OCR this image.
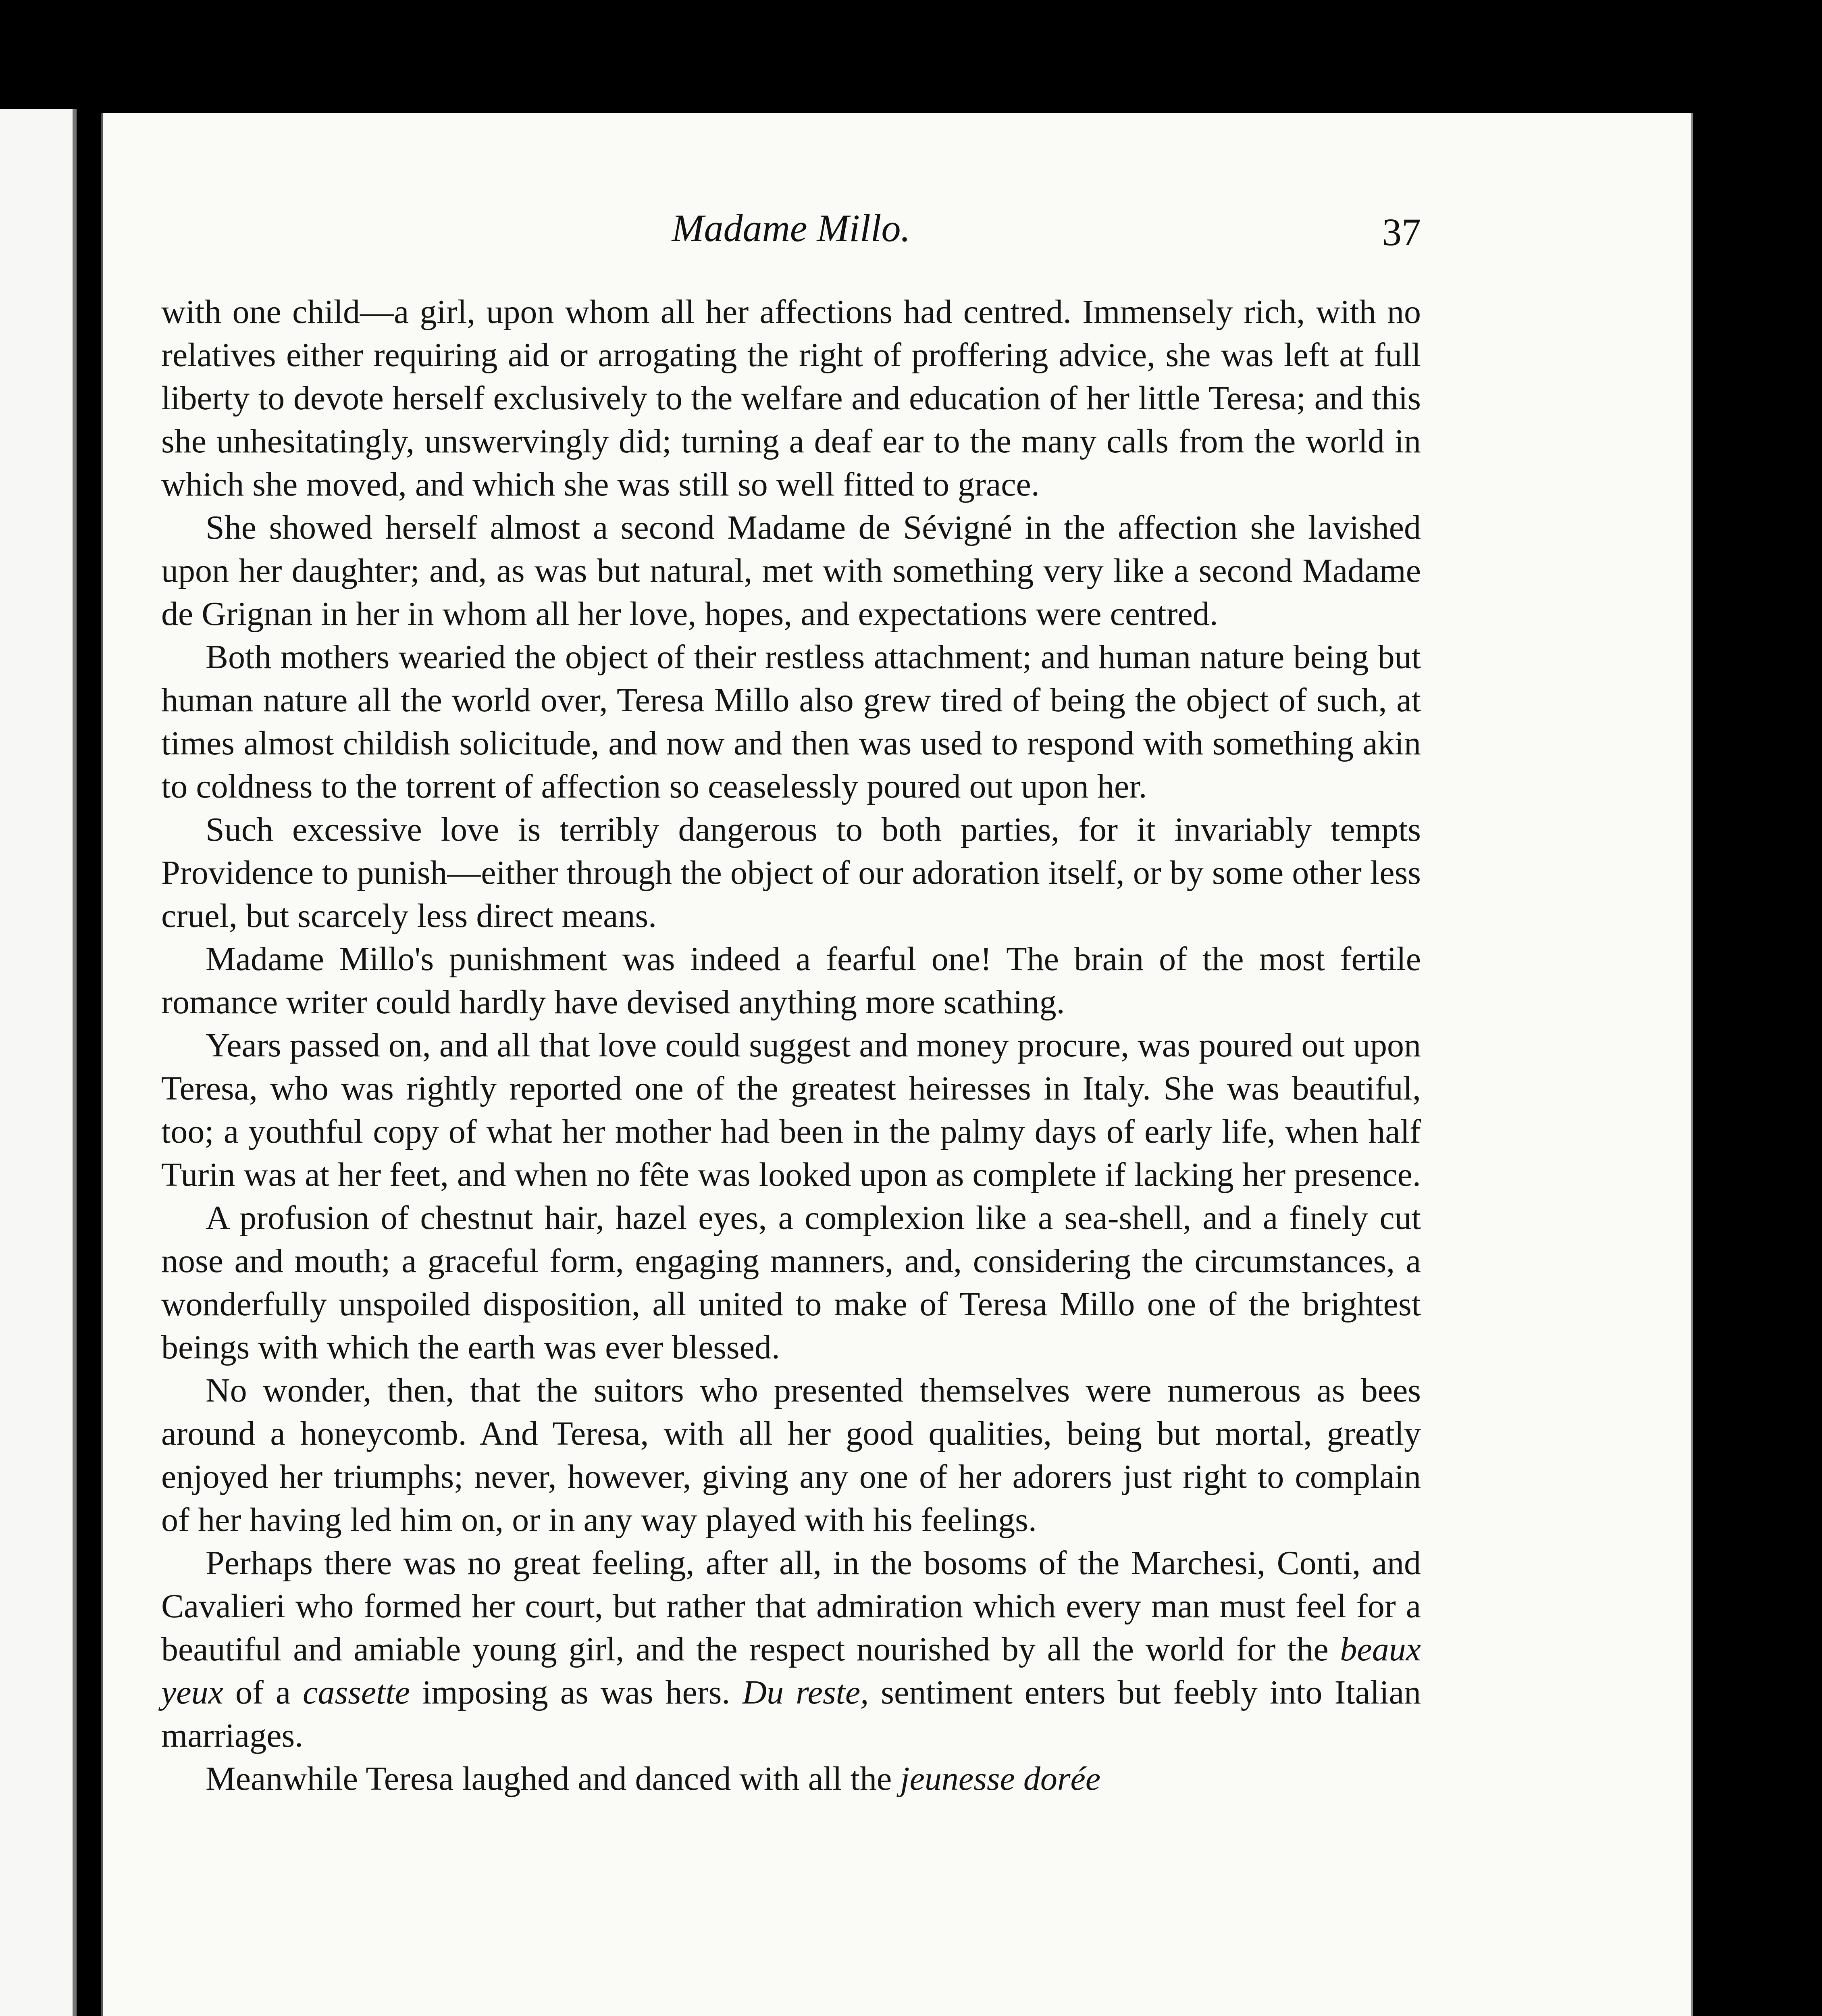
Madame Millo.	37

with one child—a girl, upon whom all her affections had centred. Immensely rich, with no relatives either requiring aid or arrogating the right of proffering advice, she was left at full liberty to devote herself exclusively to the welfare and education of her little Teresa; and this she unhesitatingly, unswervingly did; turning a deaf ear to the many calls from the world in which she moved, and which she was still so well fitted to grace.

She showed herself almost a second Madame de Sévigné in the affection she lavished upon her daughter; and, as was but natural, met with something very like a second Madame de Grignan in her in whom all her love, hopes, and expectations were centred.

Both mothers wearied the object of their restless attachment; and human nature being but human nature all the world over, Teresa Millo also grew tired of being the object of such, at times almost childish solicitude, and now and then was used to respond with something akin to coldness to the torrent of affection so ceaselessly poured out upon her.

Such excessive love is terribly dangerous to both parties, for it invariably tempts Providence to punish—either through the object of our adoration itself, or by some other less cruel, but scarcely less direct means.

Madame Millo's punishment was indeed a fearful one! The brain of the most fertile romance writer could hardly have devised anything more scathing.

Years passed on, and all that love could suggest and money procure, was poured out upon Teresa, who was rightly reported one of the greatest heiresses in Italy. She was beautiful, too; a youthful copy of what her mother had been in the palmy days of early life, when half Turin was at her feet, and when no fête was looked upon as complete if lacking her presence.

A profusion of chestnut hair, hazel eyes, a complexion like a sea-shell, and a finely cut nose and mouth; a graceful form, engaging manners, and, considering the circumstances, a wonderfully unspoiled disposition, all united to make of Teresa Millo one of the brightest beings with which the earth was ever blessed.

No wonder, then, that the suitors who presented themselves were numerous as bees around a honeycomb. And Teresa, with all her good qualities, being but mortal, greatly enjoyed her triumphs; never, however, giving any one of her adorers just right to complain of her having led him on, or in any way played with his feelings.

Perhaps there was no great feeling, after all, in the bosoms of the Marchesi, Conti, and Cavalieri who formed her court, but rather that admiration which every man must feel for a beautiful and amiable young girl, and the respect nourished by all the world for the beaux yeux of a cassette imposing as was hers. Du reste, sentiment enters but feebly into Italian marriages.

Meanwhile Teresa laughed and danced with all the jeunesse dorée
